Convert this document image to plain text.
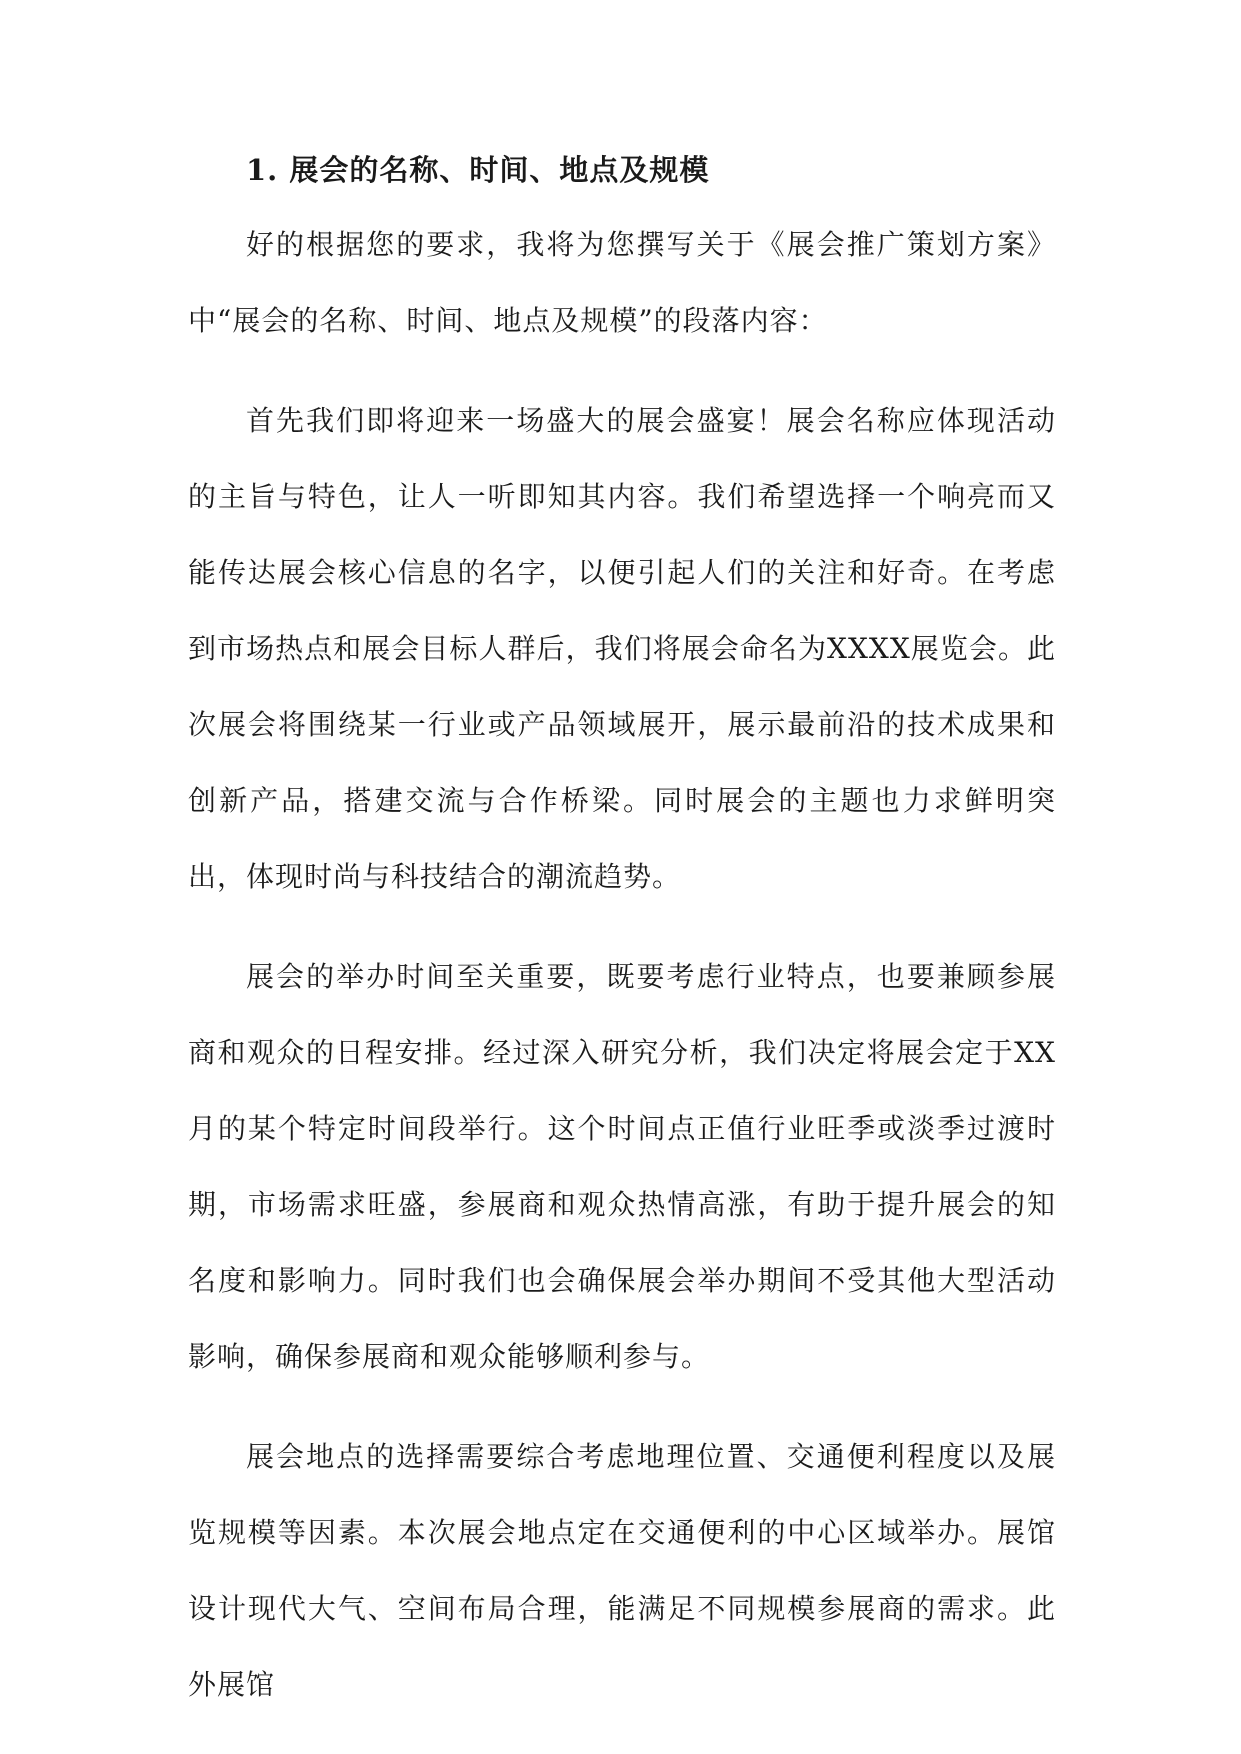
1. 展会的名称、时间、地点及规模

好的根据您的要求，我将为您撰写关于《展会推广策划方案》中“展会的名称、时间、地点及规模”的段落内容：

首先我们即将迎来一场盛大的展会盛宴！展会名称应体现活动的主旨与特色，让人一听即知其内容。我们希望选择一个响亮而又能传达展会核心信息的名字，以便引起人们的关注和好奇。在考虑到市场热点和展会目标人群后，我们将展会命名为XXXX展览会。此次展会将围绕某一行业或产品领域展开，展示最前沿的技术成果和创新产品，搭建交流与合作桥梁。同时展会的主题也力求鲜明突出，体现时尚与科技结合的潮流趋势。

展会的举办时间至关重要，既要考虑行业特点，也要兼顾参展商和观众的日程安排。经过深入研究分析，我们决定将展会定于XX月的某个特定时间段举行。这个时间点正值行业旺季或淡季过渡时期，市场需求旺盛，参展商和观众热情高涨，有助于提升展会的知名度和影响力。同时我们也会确保展会举办期间不受其他大型活动影响，确保参展商和观众能够顺利参与。

展会地点的选择需要综合考虑地理位置、交通便利程度以及展览规模等因素。本次展会地点定在交通便利的中心区域举办。展馆设计现代大气、空间布局合理，能满足不同规模参展商的需求。此外展馆
